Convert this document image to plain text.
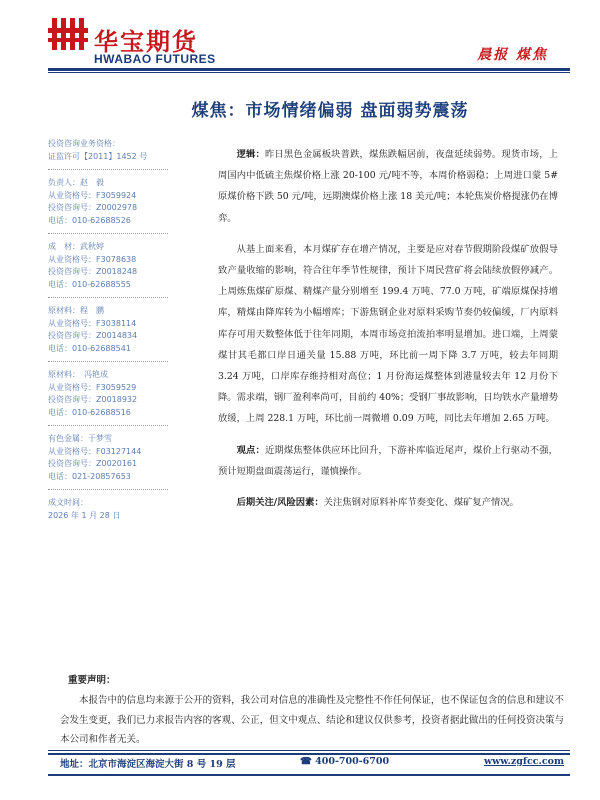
华宝期货
HWABAO FUTURES	晨报 煤焦
煤焦：市场情绪偏弱 盘面弱势震荡
投资咨询业务资格：
证监许可【2011】1452 号
负责人：赵　毅
从业资格号：F3059924
投资咨询号：Z0002978
电话：010-62688526
成　材：武秋婷
从业资格号：F3078638
投资咨询号：Z0018248
电话：010-62688555
原材料：程　鹏
从业资格号：F3038114
投资咨询号：Z0014834
电话：010-62688541
原材料：　冯艳成
从业资格号：F3059529
投资咨询号：Z0018932
电话：010-62688516
有色金属：于梦雪
从业资格号：F03127144
投资咨询号：Z0020161
电话：021-20857653
成文时间：
2026 年 1 月 28 日

逻辑：昨日黑色金属板块普跌，煤焦跌幅居前，夜盘延续弱势。现货市场，上周国内中低硫主焦煤价格上涨 20-100 元/吨不等，本周价格弱稳；上周进口蒙 5#原煤价格下跌 50 元/吨，远期澳煤价格上涨 18 美元/吨；本轮焦炭价格提涨仍在博弈。

从基上面来看，本月煤矿存在增产情况，主要是应对春节假期阶段煤矿放假导致产量收缩的影响，符合往年季节性规律，预计下周民营矿将会陆续放假停减产。上周炼焦煤矿原煤、精煤产量分别增至 199.4 万吨、77.0 万吨，矿端原煤保持增库，精煤由降库转为小幅增库；下游焦钢企业对原料采购节奏仍较偏缓，厂内原料库存可用天数整体低于往年同期，本周市场竞拍流拍率明显增加。进口端，上周蒙煤甘其毛都口岸日通关量 15.88 万吨，环比前一周下降 3.7 万吨，较去年同期 3.24 万吨，口岸库存维持相对高位；1 月份海运煤整体到港量较去年 12 月份下降。需求端，钢厂盈利率尚可，目前约 40%；受钢厂事故影响，日均铁水产量增势放缓，上周 228.1 万吨，环比前一周微增 0.09 万吨，同比去年增加 2.65 万吨。

观点：近期煤焦整体供应环比回升，下游补库临近尾声，煤价上行驱动不强，预计短期盘面震荡运行，谨慎操作。

后期关注/风险因素：关注焦钢对原料补库节奏变化、煤矿复产情况。

重要声明：
本报告中的信息均来源于公开的资料，我公司对信息的准确性及完整性不作任何保证，也不保证包含的信息和建议不会发生变更，我们已力求报告内容的客观、公正，但文中观点、结论和建议仅供参考，投资者据此做出的任何投资决策与本公司和作者无关。
地址：北京市海淀区海淀大街 8 号 19 层	☎ 400-700-6700	www.zgfcc.com
